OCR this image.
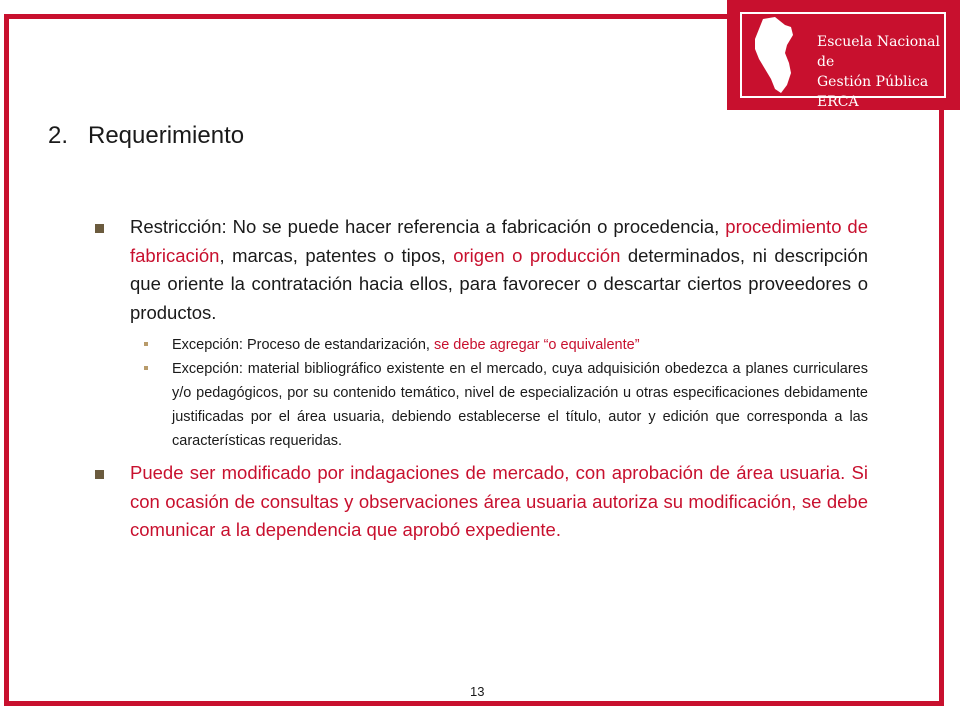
Escuela Nacional de
Gestión Pública ERCA
2. Requerimiento
Restricción: No se puede hacer referencia a fabricación o procedencia, procedimiento de fabricación, marcas, patentes o tipos, origen o producción determinados, ni descripción que oriente la contratación hacia ellos, para favorecer o descartar ciertos proveedores o productos.
Excepción: Proceso de estandarización, se debe agregar “o equivalente”
Excepción: material bibliográfico existente en el mercado, cuya adquisición obedezca a planes curriculares y/o pedagógicos, por su contenido temático, nivel de especialización u otras especificaciones debidamente justificadas por el área usuaria, debiendo establecerse el título, autor y edición que corresponda a las características requeridas.
Puede ser modificado por indagaciones de mercado, con aprobación de área usuaria. Si con ocasión de consultas y observaciones área usuaria autoriza su modificación, se debe comunicar a la dependencia que aprobó expediente.
13
